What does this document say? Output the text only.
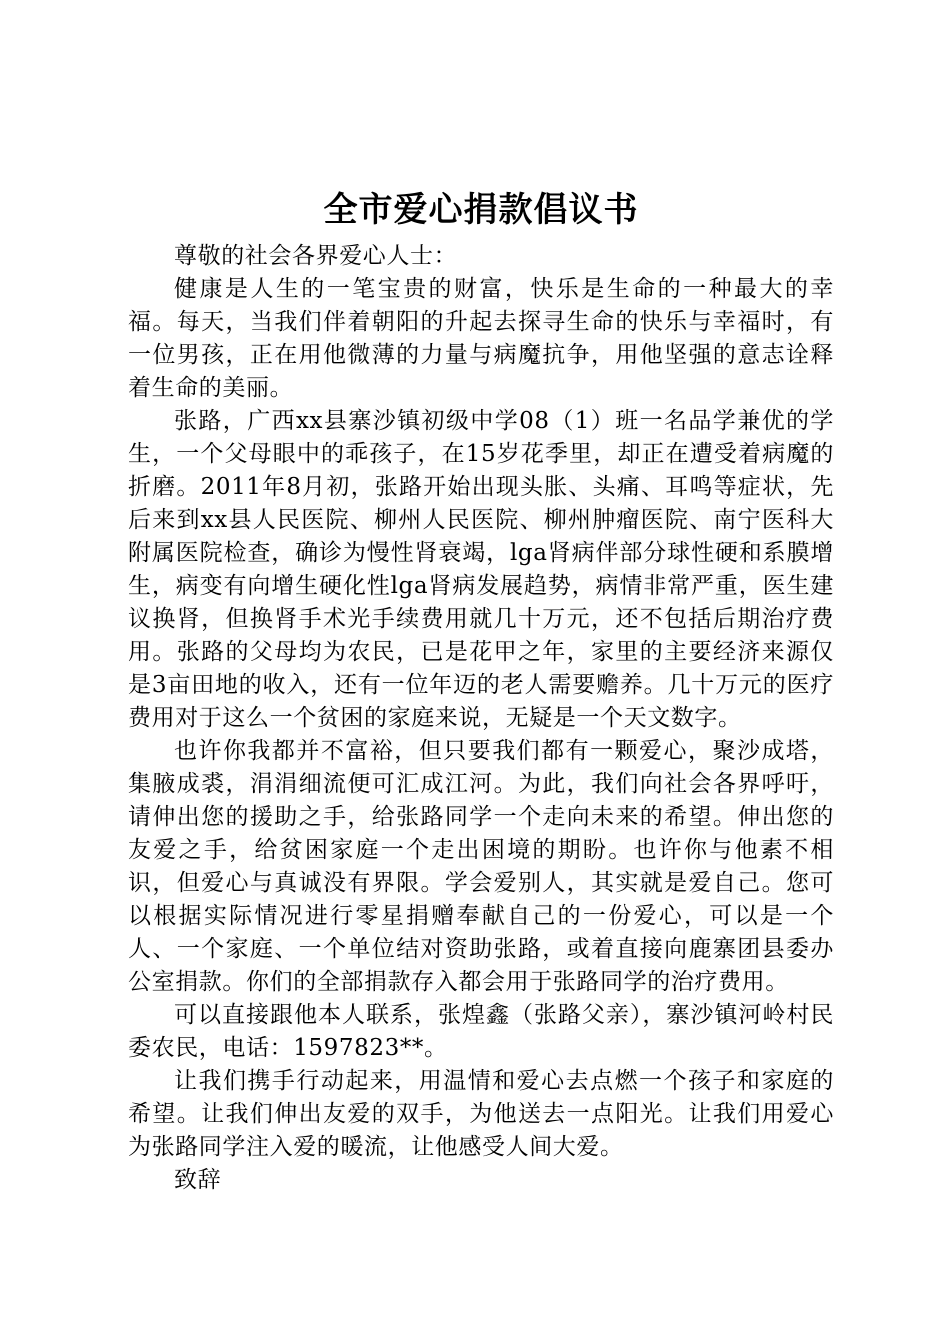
全市爱心捐款倡议书

尊敬的社会各界爱心人士：

健康是人生的一笔宝贵的财富，快乐是生命的一种最大的幸福。每天，当我们伴着朝阳的升起去探寻生命的快乐与幸福时，有一位男孩，正在用他微薄的力量与病魔抗争，用他坚强的意志诠释着生命的美丽。

张路，广西xx县寨沙镇初级中学08（1）班一名品学兼优的学生，一个父母眼中的乖孩子，在15岁花季里，却正在遭受着病魔的折磨。2011年8月初，张路开始出现头胀、头痛、耳鸣等症状，先后来到xx县人民医院、柳州人民医院、柳州肿瘤医院、南宁医科大附属医院检查，确诊为慢性肾衰竭，lga肾病伴部分球性硬和系膜增生，病变有向增生硬化性lga肾病发展趋势，病情非常严重，医生建议换肾，但换肾手术光手续费用就几十万元，还不包括后期治疗费用。张路的父母均为农民，已是花甲之年，家里的主要经济来源仅是3亩田地的收入，还有一位年迈的老人需要赡养。几十万元的医疗费用对于这么一个贫困的家庭来说，无疑是一个天文数字。

也许你我都并不富裕，但只要我们都有一颗爱心，聚沙成塔，集腋成裘，涓涓细流便可汇成江河。为此，我们向社会各界呼吁，请伸出您的援助之手，给张路同学一个走向未来的希望。伸出您的友爱之手，给贫困家庭一个走出困境的期盼。也许你与他素不相识，但爱心与真诚没有界限。学会爱别人，其实就是爱自己。您可以根据实际情况进行零星捐赠奉献自己的一份爱心，可以是一个人、一个家庭、一个单位结对资助张路，或着直接向鹿寨团县委办公室捐款。你们的全部捐款存入都会用于张路同学的治疗费用。

可以直接跟他本人联系，张煌鑫（张路父亲），寨沙镇河岭村民委农民，电话：1597823**。

让我们携手行动起来，用温情和爱心去点燃一个孩子和家庭的希望。让我们伸出友爱的双手，为他送去一点阳光。让我们用爱心为张路同学注入爱的暖流，让他感受人间大爱。

致辞
